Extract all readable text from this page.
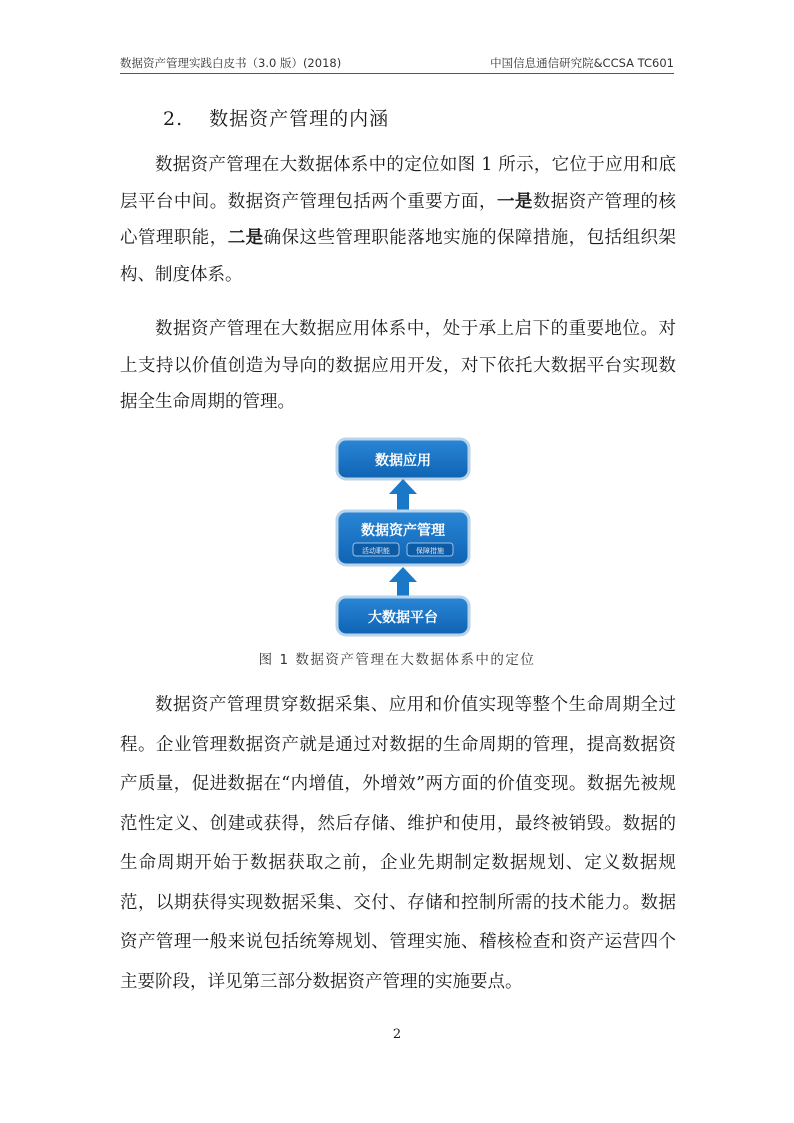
数据资产管理实践白皮书（3.0 版）(2018)	中国信息通信研究院&CCSA TC601
2. 数据资产管理的内涵

数据资产管理在大数据体系中的定位如图 1 所示，它位于应用和底层平台中间。数据资产管理包括两个重要方面，一是数据资产管理的核心管理职能，二是确保这些管理职能落地实施的保障措施，包括组织架构、制度体系。

数据资产管理在大数据应用体系中，处于承上启下的重要地位。对上支持以价值创造为导向的数据应用开发，对下依托大数据平台实现数据全生命周期的管理。

数据应用
数据资产管理
活动职能	保障措施
大数据平台
图 1 数据资产管理在大数据体系中的定位

数据资产管理贯穿数据采集、应用和价值实现等整个生命周期全过程。企业管理数据资产就是通过对数据的生命周期的管理，提高数据资产质量，促进数据在“内增值，外增效”两方面的价值变现。数据先被规范性定义、创建或获得，然后存储、维护和使用，最终被销毁。数据的生命周期开始于数据获取之前，企业先期制定数据规划、定义数据规范，以期获得实现数据采集、交付、存储和控制所需的技术能力。数据资产管理一般来说包括统筹规划、管理实施、稽核检查和资产运营四个主要阶段，详见第三部分数据资产管理的实施要点。

2
